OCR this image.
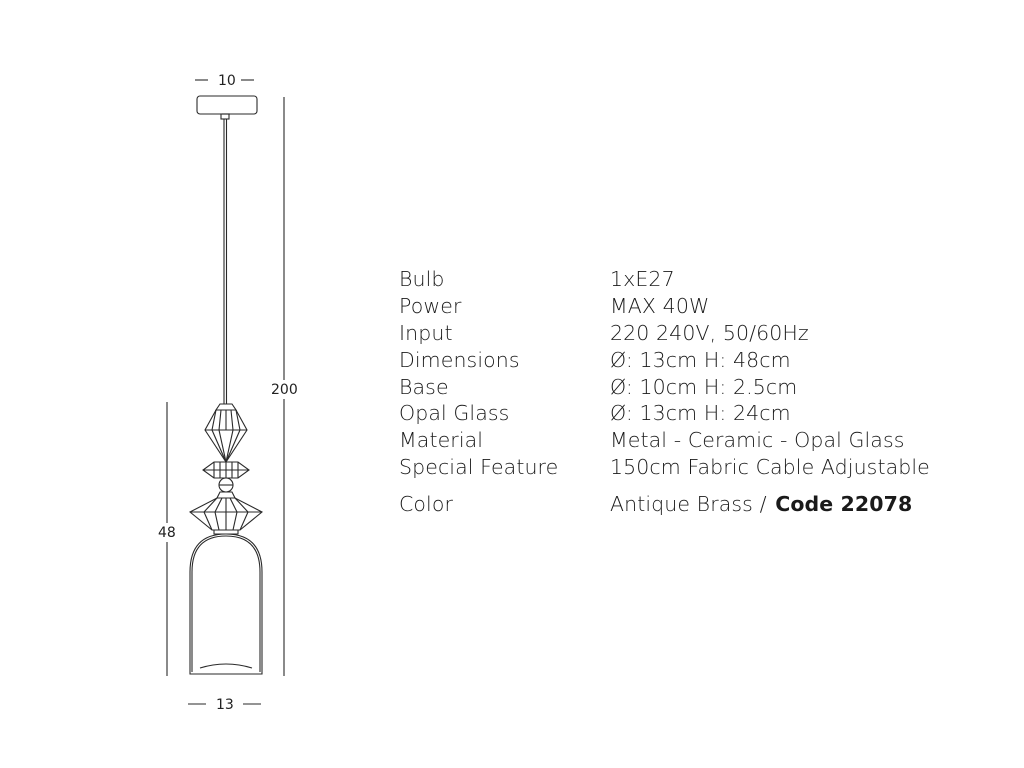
10
200
48
13
Bulb	1xE27
Power	MAX 40W
Input	220 240V, 50/60Hz
Dimensions	Ø: 13cm H: 48cm
Base	Ø: 10cm H: 2.5cm
Opal Glass	Ø: 13cm H: 24cm
Material	Metal - Ceramic - Opal Glass
Special Feature	150cm Fabric Cable Adjustable
Color	Antique Brass / Code 22078
